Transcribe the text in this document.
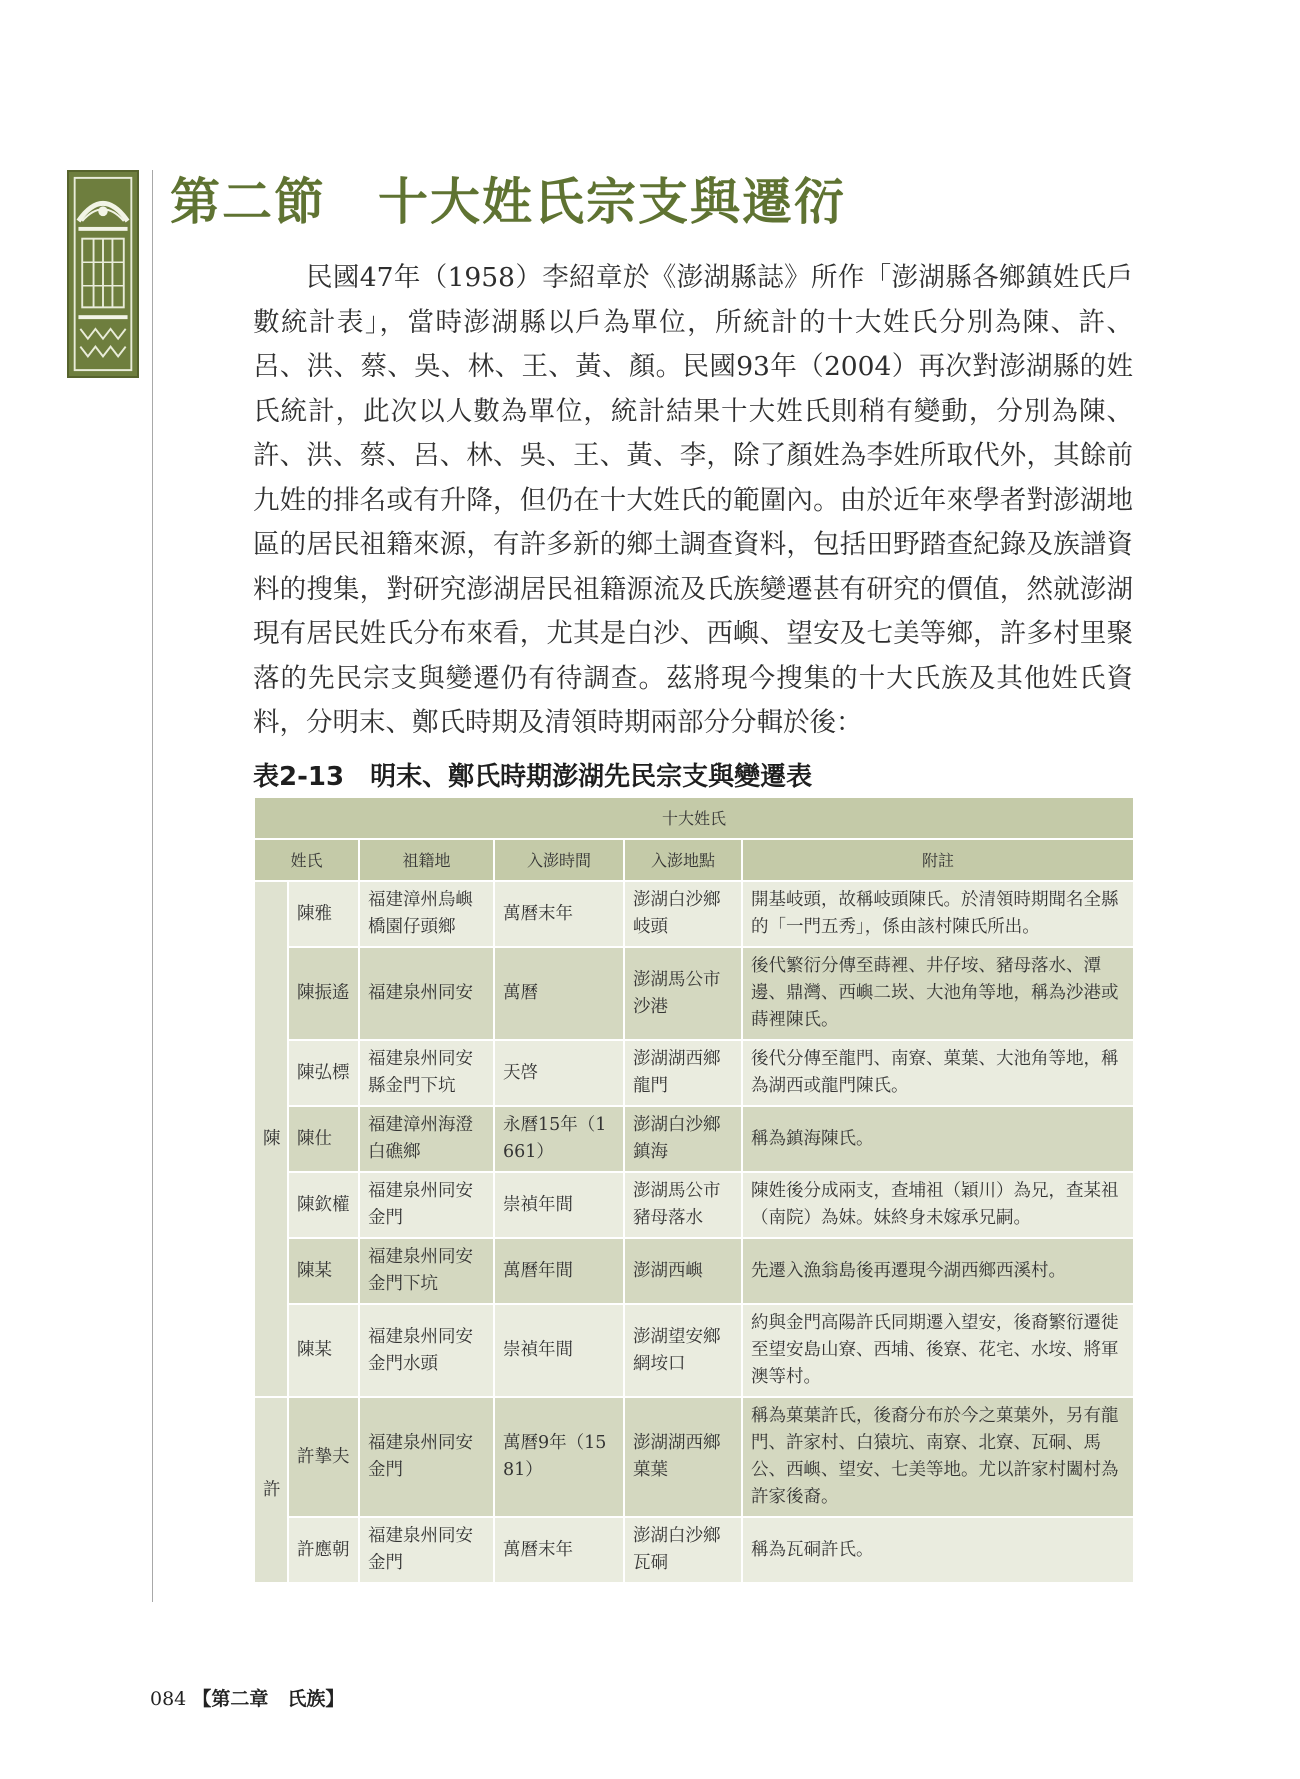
第二節　十大姓氏宗支與遷衍

民國47年（1958）李紹章於《澎湖縣誌》所作「澎湖縣各鄉鎮姓氏戶數統計表」，當時澎湖縣以戶為單位，所統計的十大姓氏分別為陳、許、呂、洪、蔡、吳、林、王、黃、顏。民國93年（2004）再次對澎湖縣的姓氏統計，此次以人數為單位，統計結果十大姓氏則稍有變動，分別為陳、許、洪、蔡、呂、林、吳、王、黃、李，除了顏姓為李姓所取代外，其餘前九姓的排名或有升降，但仍在十大姓氏的範圍內。由於近年來學者對澎湖地區的居民祖籍來源，有許多新的鄉土調查資料，包括田野踏查紀錄及族譜資料的搜集，對研究澎湖居民祖籍源流及氏族變遷甚有研究的價值，然就澎湖現有居民姓氏分布來看，尤其是白沙、西嶼、望安及七美等鄉，許多村里聚落的先民宗支與變遷仍有待調查。茲將現今搜集的十大氏族及其他姓氏資料，分明末、鄭氏時期及清領時期兩部分分輯於後：

表2-13　明末、鄭氏時期澎湖先民宗支與變遷表
十大姓氏					
姓氏		祖籍地	入澎時間	入澎地點	附註
陳	陳雅	福建漳州烏嶼橋園仔頭鄉	萬曆末年	澎湖白沙鄉岐頭	開基岐頭，故稱岐頭陳氏。於清領時期聞名全縣的「一門五秀」，係由該村陳氏所出。
	陳振遙	福建泉州同安	萬曆	澎湖馬公市沙港	後代繁衍分傳至蒔裡、井仔垵、豬母落水、潭邊、鼎灣、西嶼二崁、大池角等地，稱為沙港或蒔裡陳氏。
	陳弘標	福建泉州同安縣金門下坑	天啓	澎湖湖西鄉龍門	後代分傳至龍門、南寮、菓葉、大池角等地，稱為湖西或龍門陳氏。
	陳仕	福建漳州海澄白礁鄉	永曆15年（1661）	澎湖白沙鄉鎮海	稱為鎮海陳氏。
	陳欽權	福建泉州同安金門	崇禎年間	澎湖馬公市豬母落水	陳姓後分成兩支，查埔祖（穎川）為兄，查某祖（南院）為妹。妹終身未嫁承兄嗣。
	陳某	福建泉州同安金門下坑	萬曆年間	澎湖西嶼	先遷入漁翁島後再遷現今湖西鄉西溪村。
	陳某	福建泉州同安金門水頭	崇禎年間	澎湖望安鄉網垵口	約與金門高陽許氏同期遷入望安，後裔繁衍遷徙至望安島山寮、西埔、後寮、花宅、水垵、將軍澳等村。
許	許摯夫	福建泉州同安金門	萬曆9年（1581）	澎湖湖西鄉菓葉	稱為菓葉許氏，後裔分布於今之菓葉外，另有龍門、許家村、白猿坑、南寮、北寮、瓦硐、馬公、西嶼、望安、七美等地。尤以許家村闔村為許家後裔。
	許應朝	福建泉州同安金門	萬曆末年	澎湖白沙鄉瓦硐	稱為瓦硐許氏。

084 【第二章　氏族】
